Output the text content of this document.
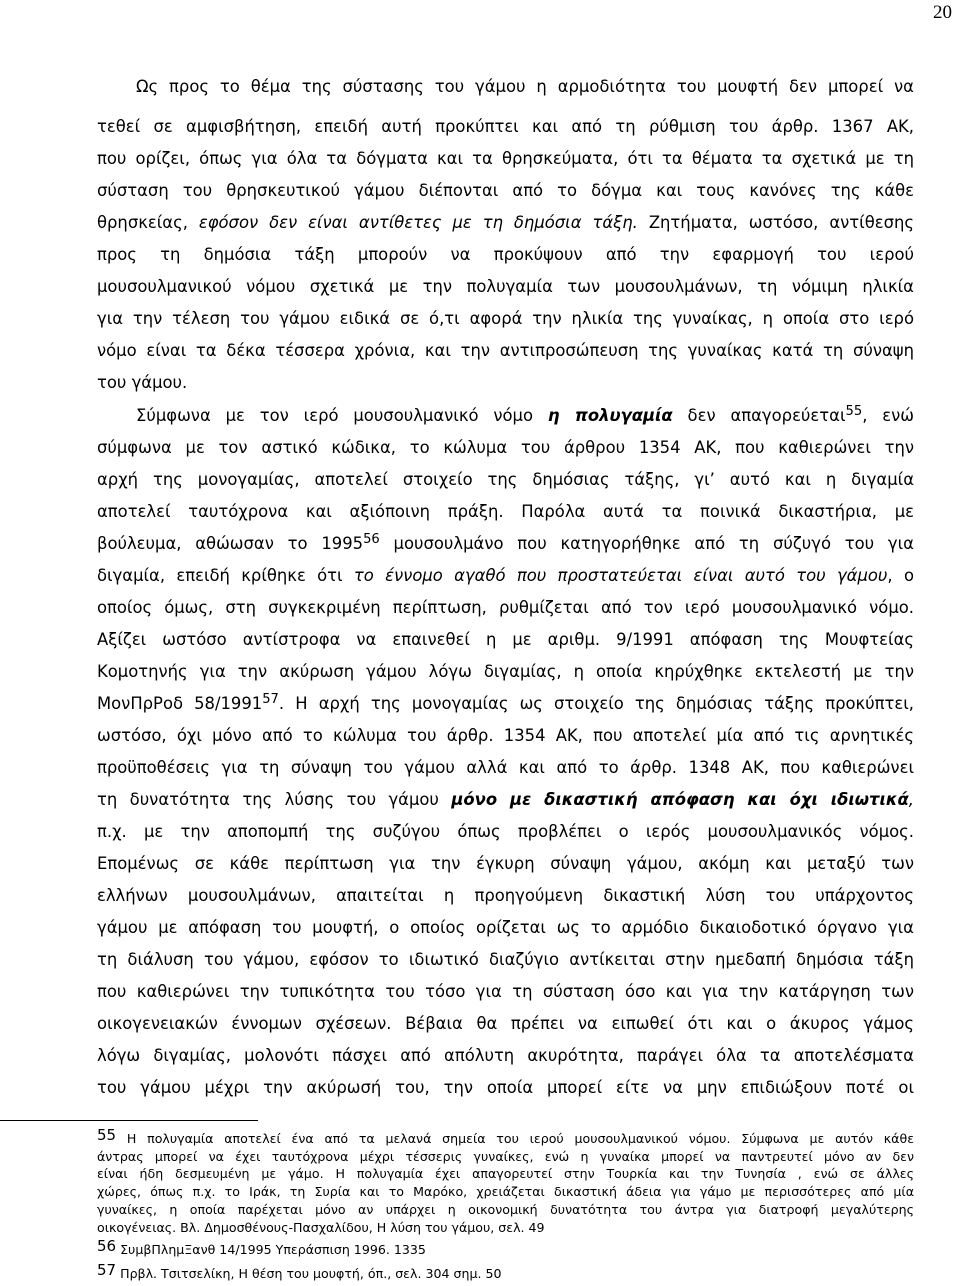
20
Ως προς το θέμα της σύστασης του γάμου η αρμοδιότητα του μουφτή δεν μπορεί να
τεθεί σε αμφισβήτηση, επειδή αυτή προκύπτει και από τη ρύθμιση του άρθρ. 1367 ΑΚ,
που ορίζει, όπως για όλα τα δόγματα και τα θρησκεύματα, ότι τα θέματα τα σχετικά με τη
σύσταση του θρησκευτικού γάμου διέπονται από το δόγμα και τους κανόνες της κάθε
θρησκείας, εφόσον δεν είναι αντίθετες με τη δημόσια τάξη. Ζητήματα, ωστόσο, αντίθεσης
προς τη δημόσια τάξη μπορούν να προκύψουν από την εφαρμογή του ιερού
μουσουλμανικού νόμου σχετικά με την πολυγαμία των μουσουλμάνων, τη νόμιμη ηλικία
για την τέλεση του γάμου ειδικά σε ό,τι αφορά την ηλικία της γυναίκας, η οποία στο ιερό
νόμο είναι τα δέκα τέσσερα χρόνια, και την αντιπροσώπευση της γυναίκας κατά τη σύναψη
του γάμου.
Σύμφωνα με τον ιερό μουσουλμανικό νόμο η πολυγαμία δεν απαγορεύεται$^{55}$, ενώ
σύμφωνα με τον αστικό κώδικα, το κώλυμα του άρθρου 1354 ΑΚ, που καθιερώνει την
αρχή της μονογαμίας, αποτελεί στοιχείο της δημόσιας τάξης, γι’ αυτό και η διγαμία
αποτελεί ταυτόχρονα και αξιόποινη πράξη. Παρόλα αυτά τα ποινικά δικαστήρια, με
βούλευμα, αθώωσαν το 1995$^{56}$ μουσουλμάνο που κατηγορήθηκε από τη σύζυγό του για
διγαμία, επειδή κρίθηκε ότι το έννομο αγαθό που προστατεύεται είναι αυτό του γάμου, ο
οποίος όμως, στη συγκεκριμένη περίπτωση, ρυθμίζεται από τον ιερό μουσουλμανικό νόμο.
Αξίζει ωστόσο αντίστροφα να επαινεθεί η με αριθμ. 9/1991 απόφαση της Μουφτείας
Κομοτηνής για την ακύρωση γάμου λόγω διγαμίας, η οποία κηρύχθηκε εκτελεστή με την
ΜονΠρΡοδ 58/1991$^{57}$. Η αρχή της μονογαμίας ως στοιχείο της δημόσιας τάξης προκύπτει,
ωστόσο, όχι μόνο από το κώλυμα του άρθρ. 1354 ΑΚ, που αποτελεί μία από τις αρνητικές
προϋποθέσεις για τη σύναψη του γάμου αλλά και από το άρθρ. 1348 ΑΚ, που καθιερώνει
τη δυνατότητα της λύσης του γάμου μόνο με δικαστική απόφαση και όχι ιδιωτικά,
π.χ. με την αποπομπή της συζύγου όπως προβλέπει ο ιερός μουσουλμανικός νόμος.
Επομένως σε κάθε περίπτωση για την έγκυρη σύναψη γάμου, ακόμη και μεταξύ των
ελλήνων μουσουλμάνων, απαιτείται η προηγούμενη δικαστική λύση του υπάρχοντος
γάμου με απόφαση του μουφτή, ο οποίος ορίζεται ως το αρμόδιο δικαιοδοτικό όργανο για
τη διάλυση του γάμου, εφόσον το ιδιωτικό διαζύγιο αντίκειται στην ημεδαπή δημόσια τάξη
που καθιερώνει την τυπικότητα του τόσο για τη σύσταση όσο και για την κατάργηση των
οικογενειακών έννομων σχέσεων. Βέβαια θα πρέπει να ειπωθεί ότι και ο άκυρος γάμος
λόγω διγαμίας, μολονότι πάσχει από απόλυτη ακυρότητα, παράγει όλα τα αποτελέσματα
του γάμου μέχρι την ακύρωσή του, την οποία μπορεί είτε να μην επιδιώξουν ποτέ οι
55 Η πολυγαμία αποτελεί ένα από τα μελανά σημεία του ιερού μουσουλμανικού νόμου. Σύμφωνα με αυτόν κάθε
άντρας μπορεί να έχει ταυτόχρονα μέχρι τέσσερις γυναίκες, ενώ η γυναίκα μπορεί να παντρευτεί μόνο αν δεν
είναι ήδη δεσμευμένη με γάμο. Η πολυγαμία έχει απαγορευτεί στην Τουρκία και την Τυνησία , ενώ σε άλλες
χώρες, όπως π.χ. το Ιράκ, τη Συρία και το Μαρόκο, χρειάζεται δικαστική άδεια για γάμο με περισσότερες από μία
γυναίκες, η οποία παρέχεται μόνο αν υπάρχει η οικονομική δυνατότητα του άντρα για διατροφή μεγαλύτερης
οικογένειας. Βλ. Δημοσθένους-Πασχαλίδου, Η λύση του γάμου, σελ. 49
56 ΣυμβΠλημΞανθ 14/1995 Υπεράσπιση 1996. 1335
57 Πρβλ. Τσιτσελίκη, Η θέση του μουφτή, όπ., σελ. 304 σημ. 50
